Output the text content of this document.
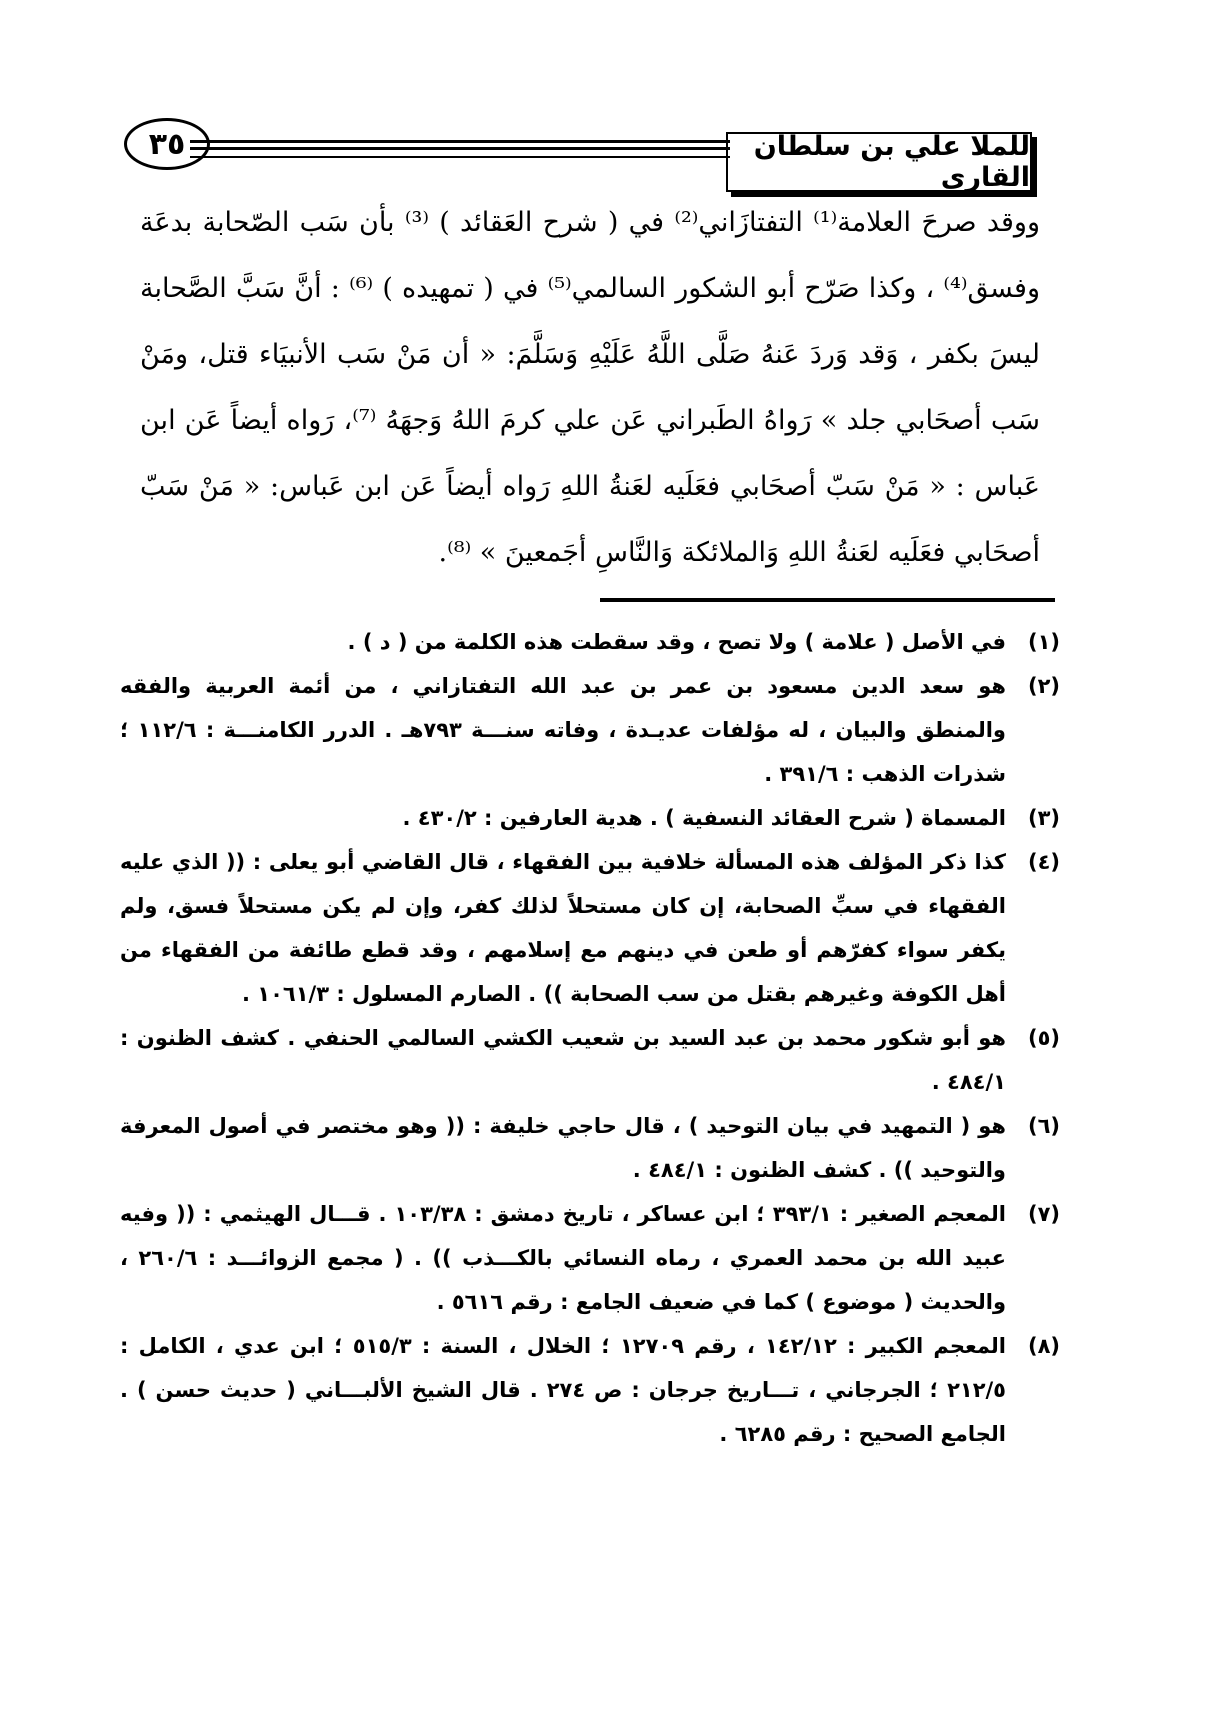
٣٥	للملا علي بن سلطان القاري

ووقد صرحَ العلامة⁽¹⁾ التفتازَاني⁽²⁾ في ( شرح العَقائد ) ⁽³⁾ بأن سَب الصّحابة بدعَة وفسق⁽⁴⁾ ، وكذا صَرّح أبو الشكور السالمي⁽⁵⁾ في ( تمهيده ) ⁽⁶⁾ : أنَّ سَبَّ الصَّحابة ليسَ بكفر ، وَقد وَردَ عَنهُ صَلَّى اللَّهُ عَلَيْهِ وَسَلَّمَ: « أن مَنْ سَب الأنبيَاء قتل، ومَنْ سَب أصحَابي جلد » رَواهُ الطَبراني عَن علي كرمَ اللهُ وَجهَهُ ⁽⁷⁾، رَواه أيضاً عَن ابن عَباس : « مَنْ سَبّ أصحَابي فعَلَيه لعَنةُ اللهِ رَواه أيضاً عَن ابن عَباس: « مَنْ سَبّ أصحَابي فعَلَيه لعَنةُ اللهِ وَالملائكة وَالنَّاسِ أجَمعينَ » ⁽⁸⁾.

(١)
في الأصل ( علامة ) ولا تصح ، وقد سقطت هذه الكلمة من ( د ) .
(٢)
هو سعد الدين مسعود بن عمر بن عبد الله التفتازاني ، من أئمة العربية والفقه والمنطق والبيان ، له مؤلفات عديـدة ، وفاته سنـــة ٧٩٣هـ . الدرر الكامنـــة : ١١٢/٦ ؛ شذرات الذهب : ٣٩١/٦ .
(٣)
المسماة ( شرح العقائد النسفية ) . هدية العارفين : ٤٣٠/٢ .
(٤)
كذا ذكر المؤلف هذه المسألة خلافية بين الفقهاء ، قال القاضي أبو يعلى : (( الذي عليه الفقهاء في سبِّ الصحابة، إن كان مستحلاً لذلك كفر، وإن لم يكن مستحلاً فسق، ولم يكفر سواء كفرّهم أو طعن في دينهم مع إسلامهم ، وقد قطع طائفة من الفقهاء من أهل الكوفة وغيرهم بقتل من سب الصحابة )) . الصارم المسلول : ١٠٦١/٣ .
(٥)
هو أبو شكور محمد بن عبد السيد بن شعيب الكشي السالمي الحنفي . كشف الظنون : ٤٨٤/١ .
(٦)
هو ( التمهيد في بيان التوحيد ) ، قال حاجي خليفة : (( وهو مختصر في أصول المعرفة والتوحيد )) . كشف الظنون : ٤٨٤/١ .
(٧)
المعجم الصغير : ٣٩٣/١ ؛ ابن عساكر ، تاريخ دمشق : ١٠٣/٣٨ . قـــال الهيثمي : (( وفيه عبيد الله بن محمد العمري ، رماه النسائي بالكـــذب )) . ( مجمع الزوائـــد : ٢٦٠/٦ ، والحديث ( موضوع ) كما في ضعيف الجامع : رقم ٥٦١٦ .
(٨)
المعجم الكبير : ١٤٢/١٢ ، رقم ١٢٧٠٩ ؛ الخلال ، السنة : ٥١٥/٣ ؛ ابن عدي ، الكامل : ٢١٢/٥ ؛ الجرجاني ، تـــاريخ جرجان : ص ٢٧٤ . قال الشيخ الألبـــاني ( حديث حسن ) . الجامع الصحيح : رقم ٦٢٨٥ .
